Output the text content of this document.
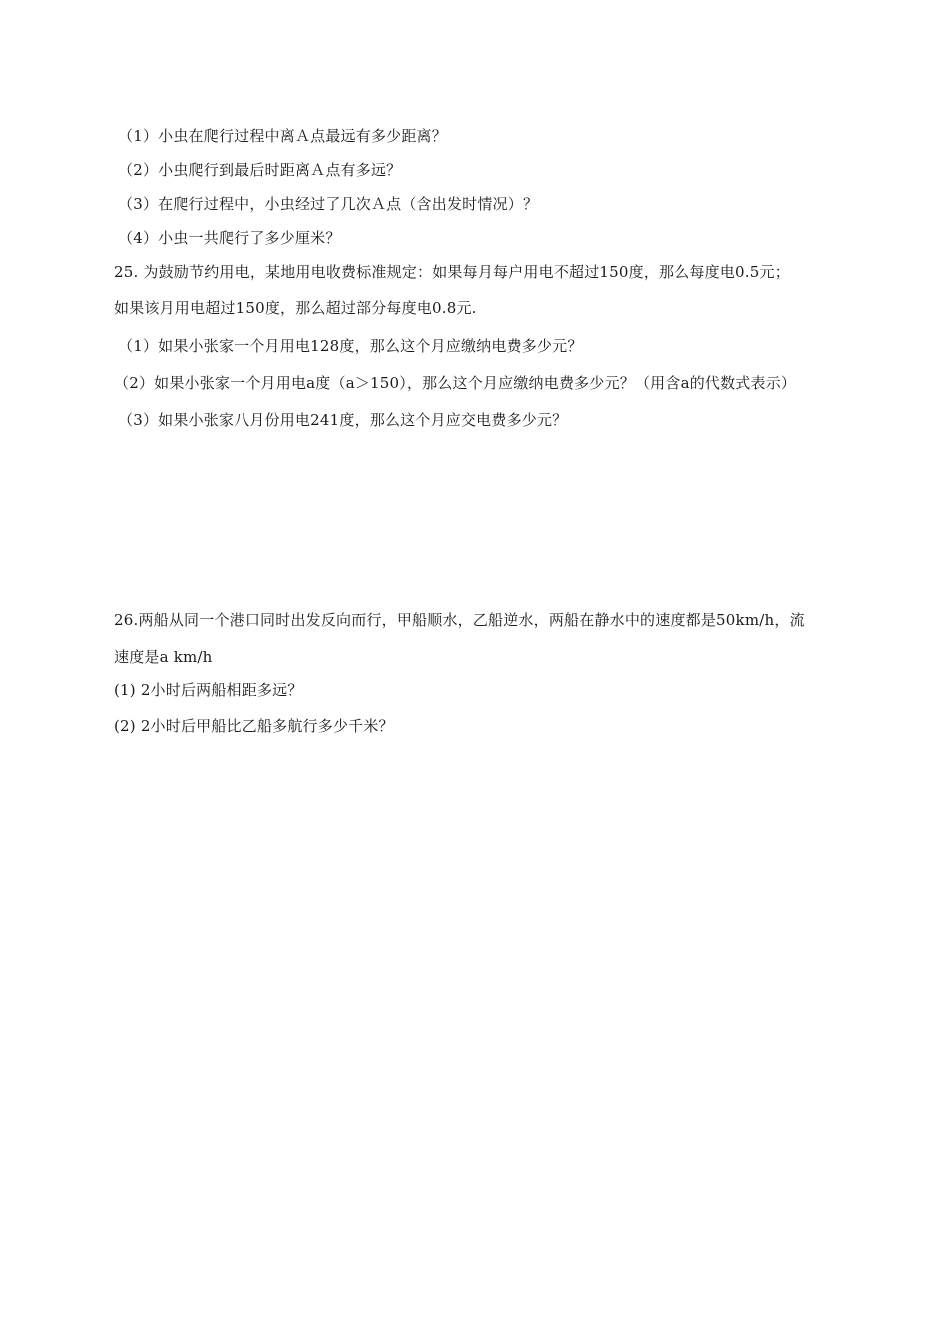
（1）小虫在爬行过程中离Ａ点最远有多少距离？
（2）小虫爬行到最后时距离Ａ点有多远？
（3）在爬行过程中，小虫经过了几次Ａ点（含出发时情况）？
（4）小虫一共爬行了多少厘米？
25. 为鼓励节约用电，某地用电收费标准规定：如果每月每户用电不超过150度，那么每度电0.5元；
如果该月用电超过150度，那么超过部分每度电0.8元.
（1）如果小张家一个月用电128度，那么这个月应缴纳电费多少元？
（2）如果小张家一个月用电a度（a＞150），那么这个月应缴纳电费多少元？（用含a的代数式表示）
（3）如果小张家八月份用电241度，那么这个月应交电费多少元？
26.两船从同一个港口同时出发反向而行，甲船顺水，乙船逆水，两船在静水中的速度都是50km/h，流
速度是a km/h
(1) 2小时后两船相距多远？
(2) 2小时后甲船比乙船多航行多少千米？
